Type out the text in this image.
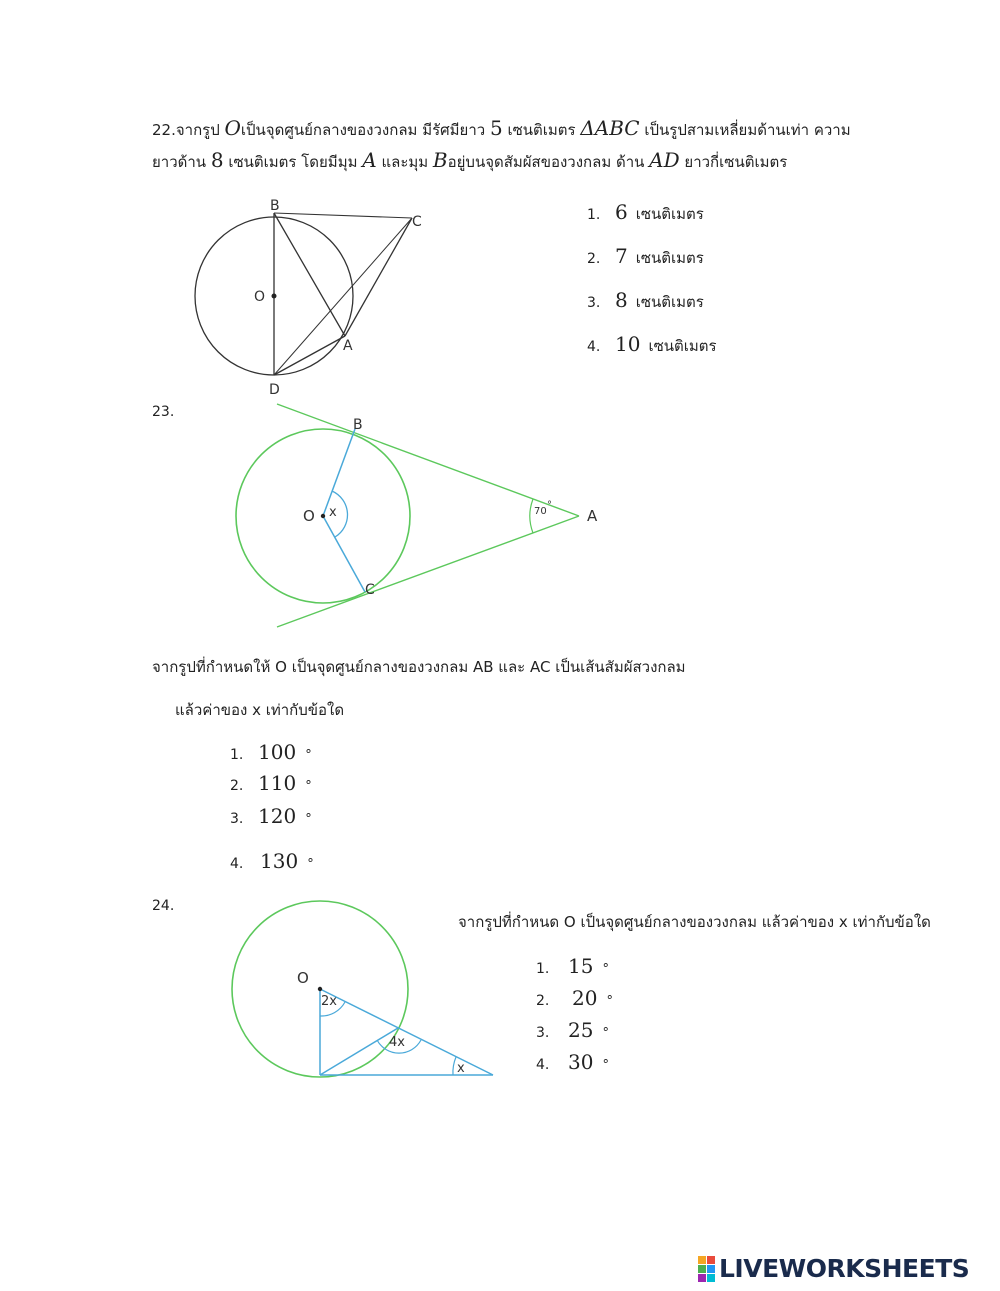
22.จากรูป Oเป็นจุดศูนย์กลางของวงกลม มีรัศมียาว 5 เซนติเมตร ΔABC เป็นรูปสามเหลี่ยมด้านเท่า ความ
ยาวด้าน 8 เซนติเมตร โดยมีมุม A และมุม Bอยู่บนจุดสัมผัสของวงกลม ด้าน AD ยาวกี่เซนติเมตร
B
C
O
A
D
1. 6 เซนติเมตร
2. 7 เซนติเมตร
3. 8 เซนติเมตร
4. 10 เซนติเมตร
23.
B
O x	70
°
A
C
จากรูปที่กำหนดให้ O เป็นจุดศูนย์กลางของวงกลม AB และ AC เป็นเส้นสัมผัสวงกลม
แล้วค่าของ x เท่ากับข้อใด
1. 100 °
2. 110 °
3. 120 °
4. 130 °
24.
O
2x
4x
x
จากรูปที่กำหนด O เป็นจุดศูนย์กลางของวงกลม แล้วค่าของ x เท่ากับข้อใด
1. 15 °
2.	20 °
3. 25 °
4. 30 °
LIVEWORKSHEETS
